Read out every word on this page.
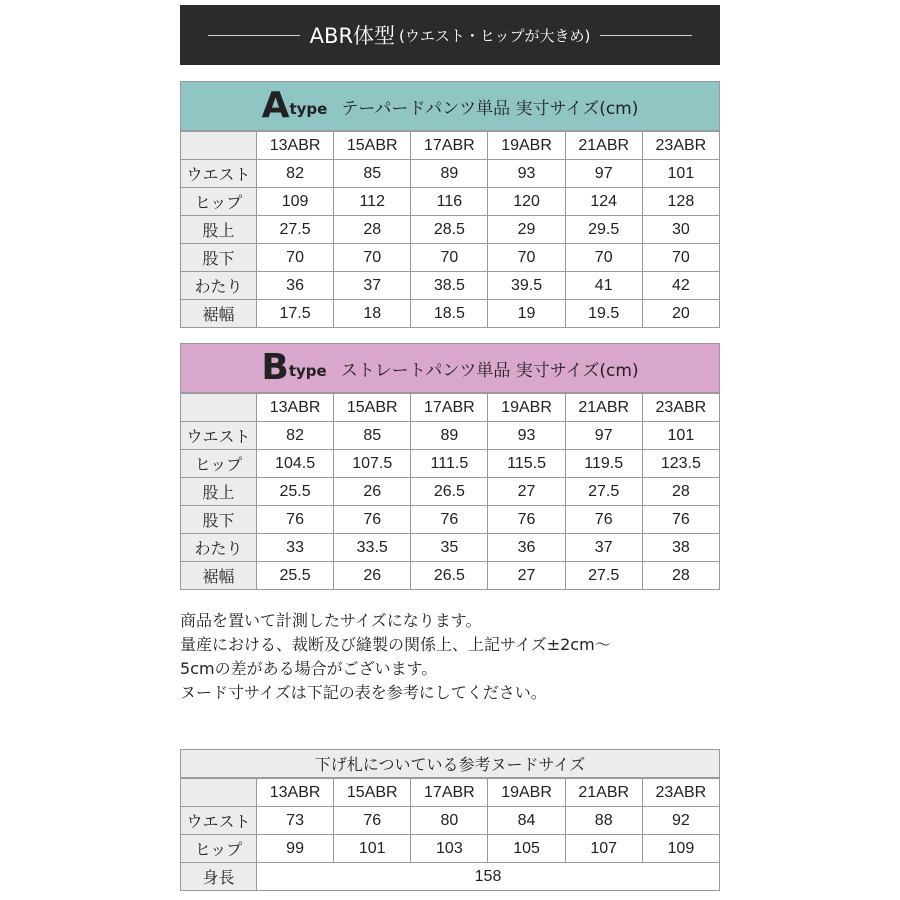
ABR体型 (ウエスト・ヒップが大きめ)
A type テーパードパンツ単品 実寸サイズ(cm)
	13ABR	15ABR	17ABR	19ABR	21ABR	23ABR
ウエスト	82	85	89	93	97	101
ヒップ	109	112	116	120	124	128
股上	27.5	28	28.5	29	29.5	30
股下	70	70	70	70	70	70
わたり	36	37	38.5	39.5	41	42
裾幅	17.5	18	18.5	19	19.5	20
B type ストレートパンツ単品 実寸サイズ(cm)
	13ABR	15ABR	17ABR	19ABR	21ABR	23ABR
ウエスト	82	85	89	93	97	101
ヒップ	104.5	107.5	111.5	115.5	119.5	123.5
股上	25.5	26	26.5	27	27.5	28
股下	76	76	76	76	76	76
わたり	33	33.5	35	36	37	38
裾幅	25.5	26	26.5	27	27.5	28
商品を置いて計測したサイズになります。
量産における、裁断及び縫製の関係上、上記サイズ±2cm～
5cmの差がある場合がございます。
ヌード寸サイズは下記の表を参考にしてください。
下げ札についている参考ヌードサイズ
	13ABR	15ABR	17ABR	19ABR	21ABR	23ABR
ウエスト	73	76	80	84	88	92
ヒップ	99	101	103	105	107	109
身長	158					
